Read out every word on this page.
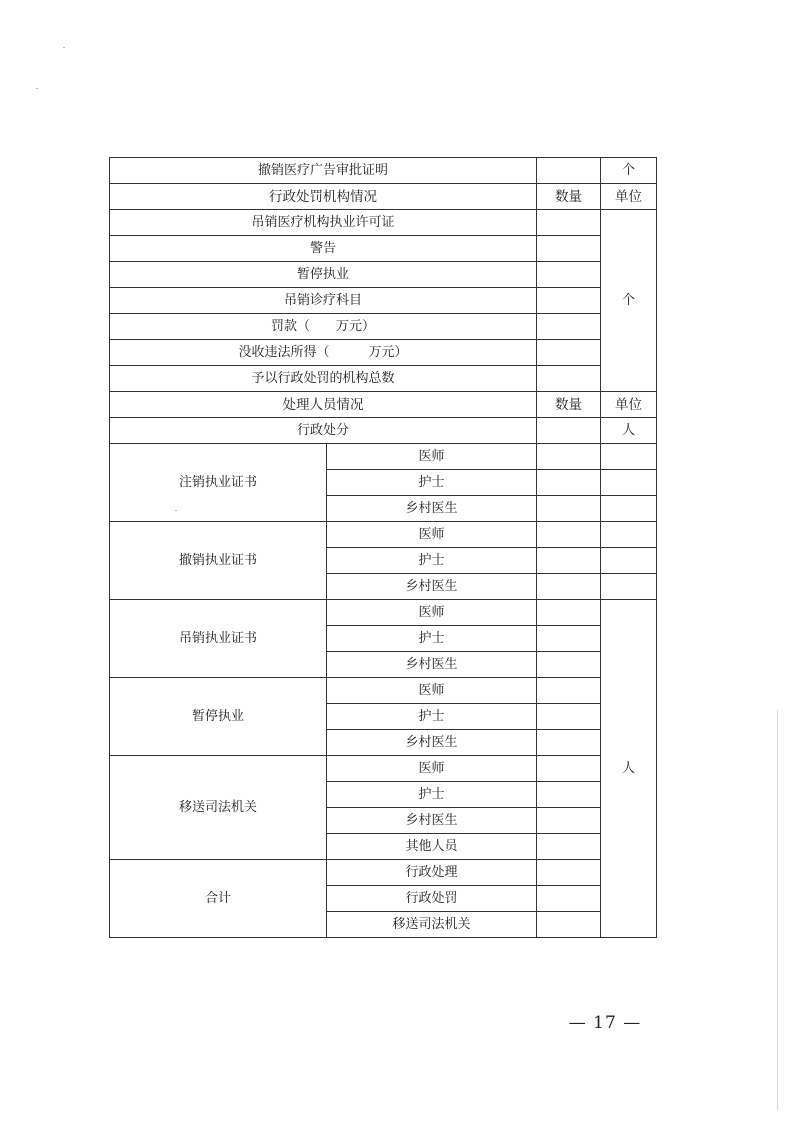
撤销医疗广告审批证明			个
行政处罚机构情况		数量	单位
吊销医疗机构执业许可证			个
警告			
暂停执业			
吊销诊疗科目			
罚款（　　万元）			
没收违法所得（　　　万元）			
予以行政处罚的机构总数			
处理人员情况		数量	单位
行政处分			人
注销执业证书	医师		
	护士		
	乡村医生		
撤销执业证书	医师		
	护士		
	乡村医生		
吊销执业证书	医师		人
	护士		
	乡村医生		
暂停执业	医师		
	护士		
	乡村医生		
移送司法机关	医师		
	护士		
	乡村医生		
	其他人员		
合计	行政处理		
	行政处罚		
	移送司法机关		
— 17 —
